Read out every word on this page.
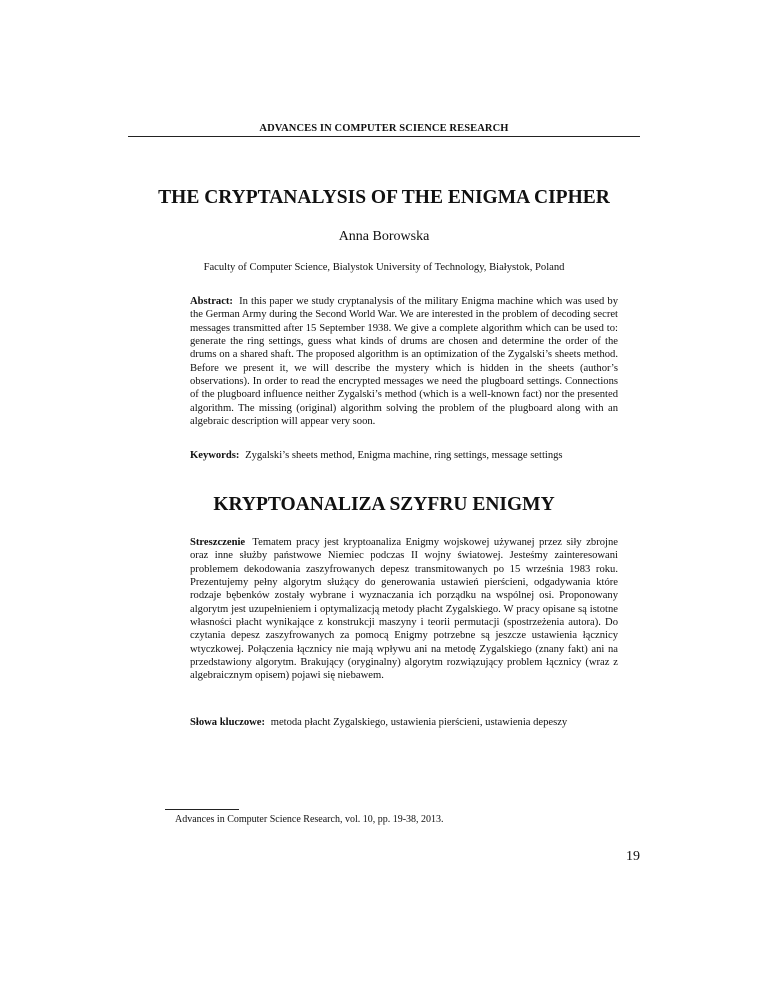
ADVANCES IN COMPUTER SCIENCE RESEARCH
THE CRYPTANALYSIS OF THE ENIGMA CIPHER
Anna Borowska
Faculty of Computer Science, Bialystok University of Technology, Białystok, Poland

Abstract: In this paper we study cryptanalysis of the military Enigma machine which was used by the German Army during the Second World War. We are interested in the problem of decoding secret messages transmitted after 15 September 1938. We give a complete algorithm which can be used to: generate the ring settings, guess what kinds of drums are chosen and determine the order of the drums on a shared shaft. The proposed algorithm is an optimization of the Zygalski’s sheets method. Before we present it, we will describe the mystery which is hidden in the sheets (author’s observations). In order to read the encrypted messages we need the plugboard settings. Connections of the plugboard influence neither Zygalski’s method (which is a well-known fact) nor the presented algorithm. The missing (original) algorithm solving the problem of the plugboard along with an algebraic description will appear very soon.

Keywords: Zygalski’s sheets method, Enigma machine, ring settings, message settings

KRYPTOANALIZA SZYFRU ENIGMY

Streszczenie Tematem pracy jest kryptoanaliza Enigmy wojskowej używanej przez siły zbrojne oraz inne służby państwowe Niemiec podczas II wojny światowej. Jesteśmy zainteresowani problemem dekodowania zaszyfrowanych depesz transmitowanych po 15 września 1983 roku. Prezentujemy pełny algorytm służący do generowania ustawień pierścieni, odgadywania które rodzaje bębenków zostały wybrane i wyznaczania ich porządku na wspólnej osi. Proponowany algorytm jest uzupełnieniem i optymalizacją metody płacht Zygalskiego. W pracy opisane są istotne własności płacht wynikające z konstrukcji maszyny i teorii permutacji (spostrzeżenia autora). Do czytania depesz zaszyfrowanych za pomocą Enigmy potrzebne są jeszcze ustawienia łącznicy wtyczkowej. Połączenia łącznicy nie mają wpływu ani na metodę Zygalskiego (znany fakt) ani na przedstawiony algorytm. Brakujący (oryginalny) algorytm rozwiązujący problem łącznicy (wraz z algebraicznym opisem) pojawi się niebawem.

Słowa kluczowe: metoda płacht Zygalskiego, ustawienia pierścieni, ustawienia depeszy

Advances in Computer Science Research, vol. 10, pp. 19-38, 2013.
19
